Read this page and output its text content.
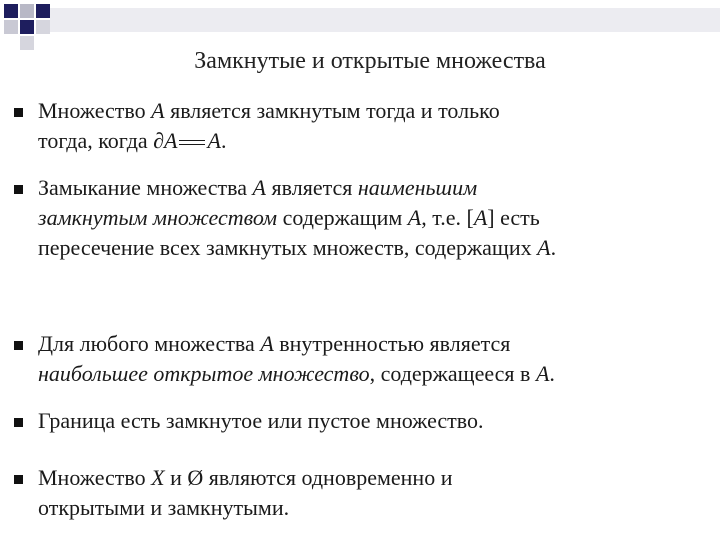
Замкнутые и открытые множества
Множество A является замкнутым тогда и только
тогда, когда ∂A A.
Замыкание множества A является наименьшим
замкнутым множеством содержащим A, т.е. [A] есть
пересечение всех замкнутых множеств, содержащих A.
Для любого множества A внутренностью является
наибольшее открытое множество, содержащееся в A.
Граница есть замкнутое или пустое множество.
Множество X и Ø являются одновременно и
открытыми и замкнутыми.
